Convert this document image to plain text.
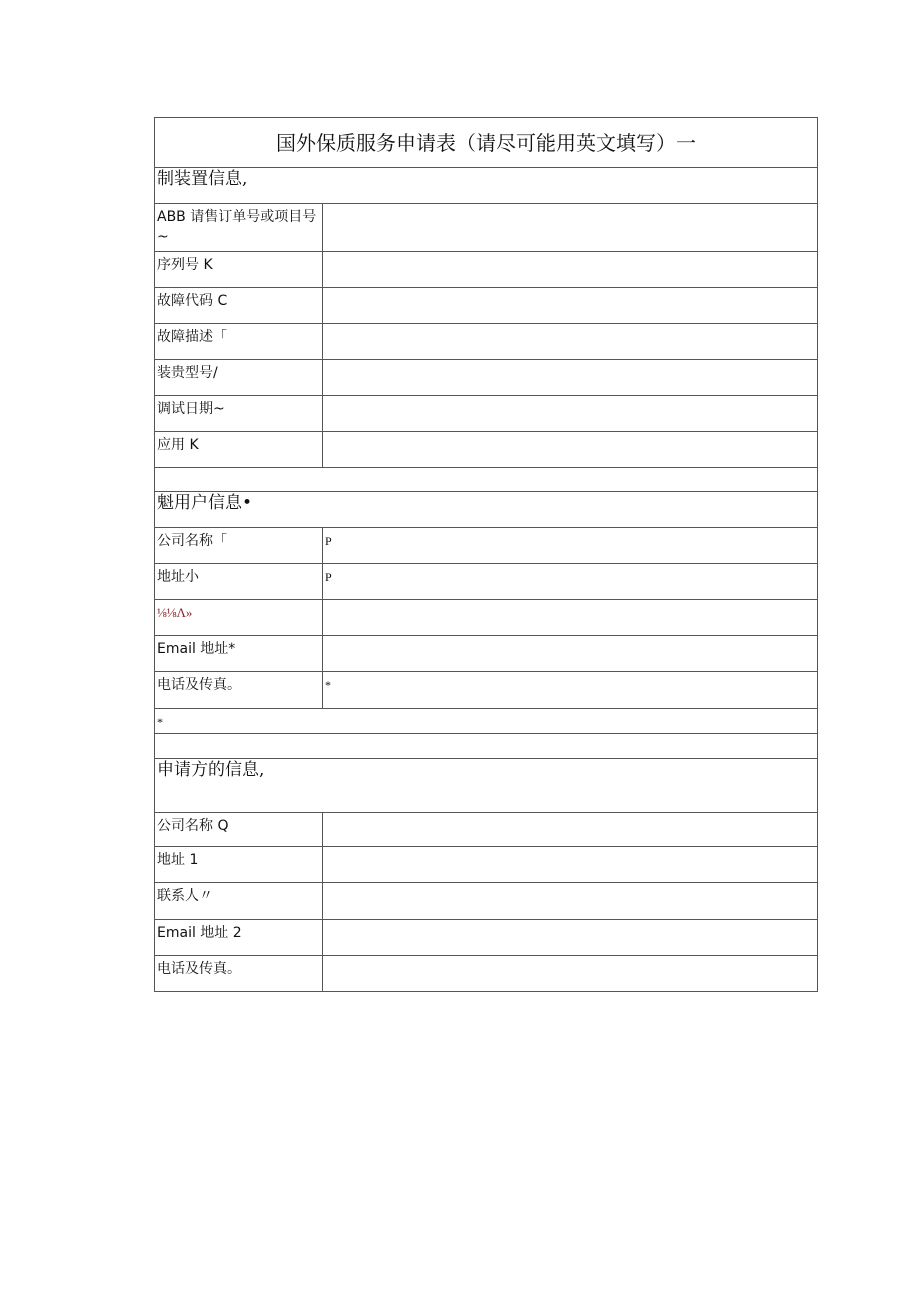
国外保质服务申请表（请尽可能用英文填写）一	
制装置信息,	
ABB 请售订单号或项目号~	
序列号 K	
故障代码 C	
故障描述「	
装贵型号/	
调试日期~	
应用 K	

魁用户信息•	
公司名称「	P
地址小	P
⅛⅛Λ»	
Email 地址*	
电话及传真。	*
*	

申请方的信息,	
公司名称 Q	
地址 1	
联系人〃	
Email 地址 2	
电话及传真。	
